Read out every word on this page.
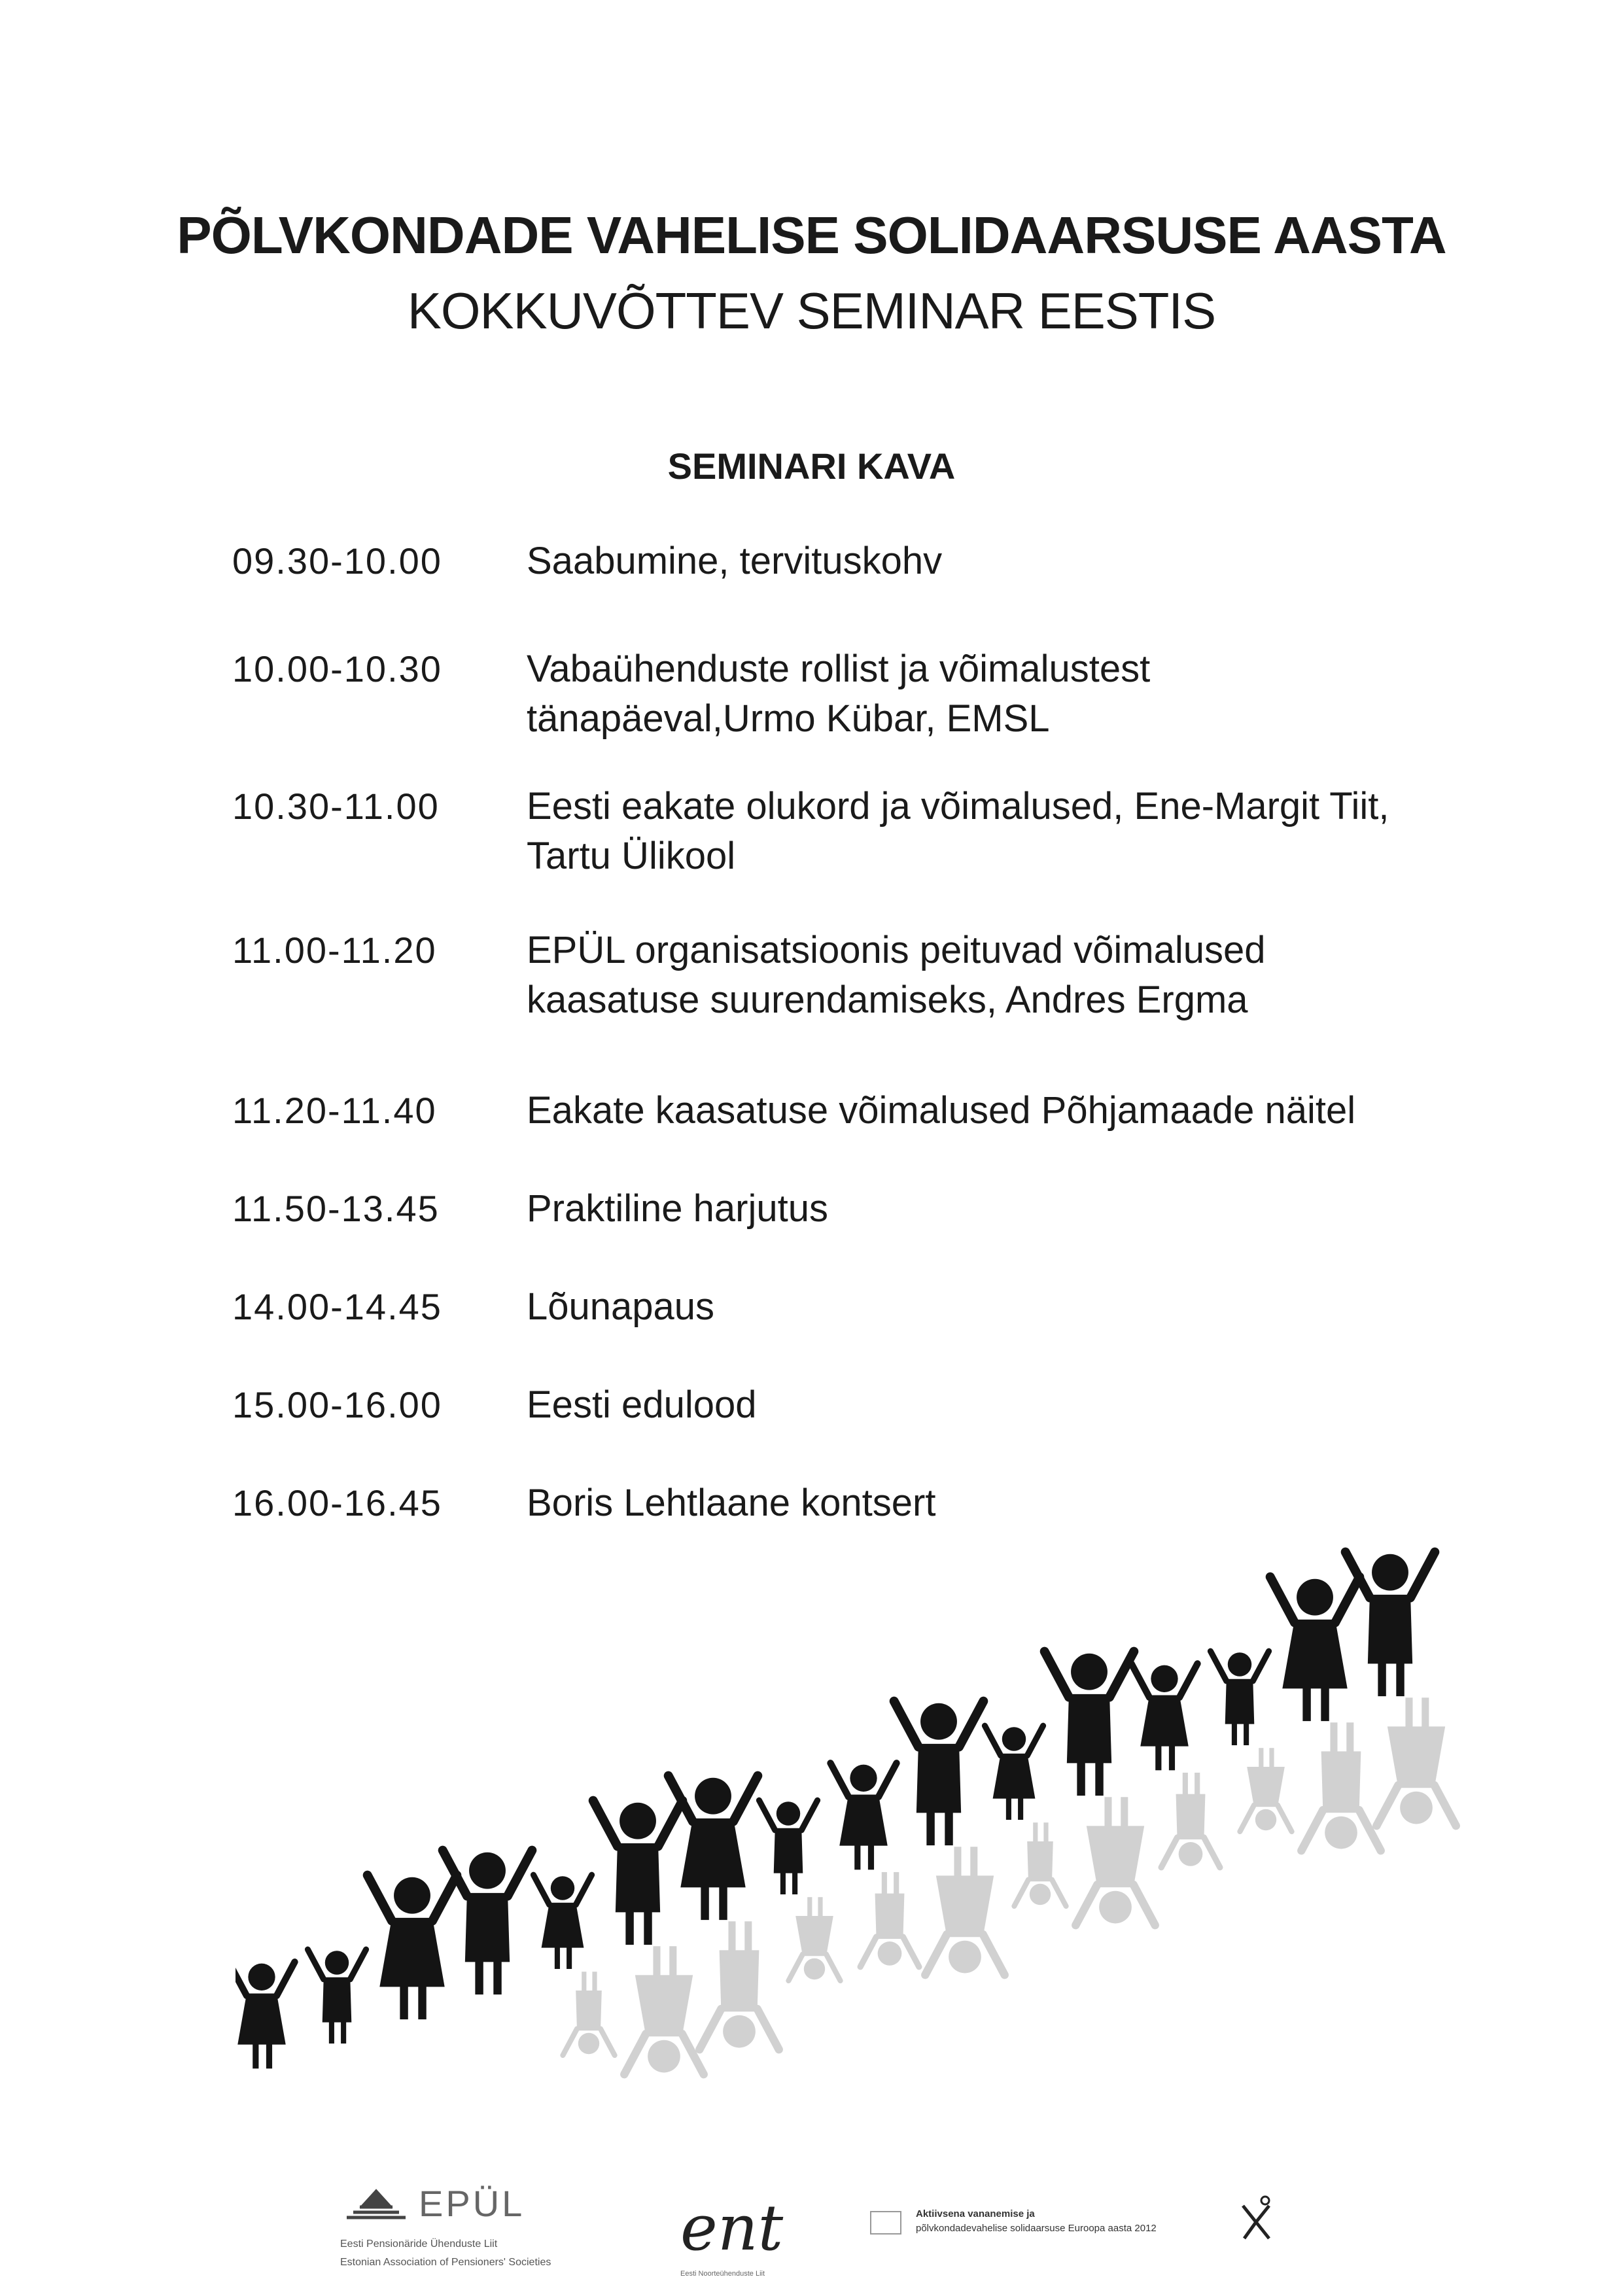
PÕLVKONDADE VAHELISE SOLIDAARSUSE AASTA
KOKKUVÕTTEV SEMINAR EESTIS
SEMINARI KAVA
09.30-10.00	Saabumine, tervituskohv
10.00-10.30	Vabaühenduste rollist ja võimalustest
tänapäeval,Urmo Kübar, EMSL
10.30-11.00	Eesti eakate olukord ja võimalused, Ene-Margit Tiit,
Tartu Ülikool
11.00-11.20	EPÜL organisatsioonis peituvad võimalused
kaasatuse suurendamiseks, Andres Ergma
11.20-11.40	Eakate kaasatuse võimalused Põhjamaade näitel
11.50-13.45	Praktiline harjutus
14.00-14.45	Lõunapaus
15.00-16.00	Eesti edulood
16.00-16.45	Boris Lehtlaane kontsert
EPÜL
Eesti Pensionäride Ühenduste Liit
Estonian Association of Pensioners' Societies ent
Eesti Noorteühenduste Liit
Aktiivsena vananemise ja
põlvkondadevahelise solidaarsuse Euroopa aasta 2012
